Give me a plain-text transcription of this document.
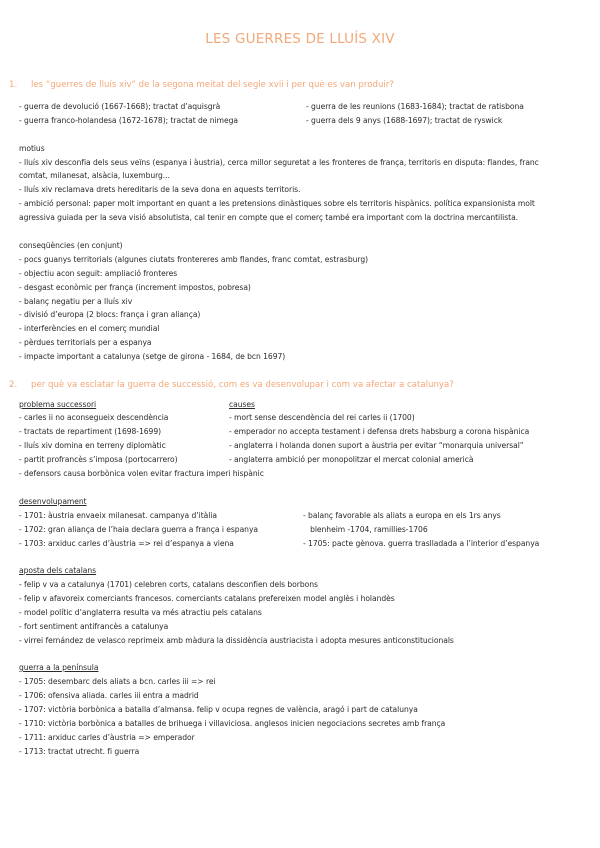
LES GUERRES DE LLUÍS XIV
1. les “guerres de lluís xiv” de la segona meitat del segle xvii i per què es van produir?
- guerra de devolució (1667-1668); tractat d’aquisgrà
- guerra franco-holandesa (1672-1678); tractat de nimega
- guerra de les reunions (1683-1684); tractat de ratisbona
- guerra dels 9 anys (1688-1697); tractat de ryswick
motius
- lluís xiv desconfia dels seus veïns (espanya i àustria), cerca millor seguretat a les fronteres de frança, territoris en disputa: flandes, franc
comtat, milanesat, alsàcia, luxemburg...
- lluís xiv reclamava drets hereditaris de la seva dona en aquests territoris.
- ambició personal: paper molt important en quant a les pretensions dinàstiques sobre els territoris hispànics. política expansionista molt
agressiva guiada per la seva visió absolutista, cal tenir en compte que el comerç també era important com la doctrina mercantilista.
conseqüències (en conjunt)
- pocs guanys territorials (algunes ciutats frontereres amb flandes, franc comtat, estrasburg)
- objectiu acon seguit: ampliació fronteres
- desgast econòmic per frança (increment impostos, pobresa)
- balanç negatiu per a lluís xiv
- divisió d’europa (2 blocs: frança i gran aliança)
- interferències en el comerç mundial
- pèrdues territorials per a espanya
- impacte important a catalunya (setge de girona - 1684, de bcn 1697)
2. per què va esclatar la guerra de successió, com es va desenvolupar i com va afectar a catalunya?
problema successori
- carles ii no aconsegueix descendència
- tractats de repartiment (1698-1699)
- lluís xiv domina en terreny diplomàtic
- partit profrancès s’imposa (portocarrero)
- defensors causa borbònica volen evitar fractura imperi hispànic
causes
- mort sense descendència del rei carles ii (1700)
- emperador no accepta testament i defensa drets habsburg a corona hispànica
- anglaterra i holanda donen suport a àustria per evitar “monarquia universal”
- anglaterra ambició per monopolitzar el mercat colonial americà
desenvolupament
- 1701: àustria envaeix milanesat. campanya d’itàlia
- 1702: gran aliança de l’haia declara guerra a frança i espanya
- 1703: arxiduc carles d’àustria => rei d’espanya a viena
- balanç favorable als aliats a europa en els 1rs anys
blenheim -1704, ramillies-1706
- 1705: pacte gènova. guerra traslladada a l’interior d’espanya
aposta dels catalans
- felip v va a catalunya (1701) celebren corts, catalans desconfien dels borbons
- felip v afavoreix comerciants francesos. comerciants catalans prefereixen model anglès i holandès
- model polític d’anglaterra resulta va més atractiu pels catalans
- fort sentiment antifrancès a catalunya
- virrei fernández de velasco reprimeix amb màdura la dissidència austriacista i adopta mesures anticonstitucionals
guerra a la península
- 1705: desembarc dels aliats a bcn. carles iii => rei
- 1706: ofensiva aliada. carles iii entra a madrid
- 1707: victòria borbònica a batalla d’almansa. felip v ocupa regnes de valència, aragó i part de catalunya
- 1710: victòria borbònica a batalles de brihuega i villaviciosa. anglesos inicien negociacions secretes amb frança
- 1711: arxiduc carles d’àustria => emperador
- 1713: tractat utrecht. fi guerra
